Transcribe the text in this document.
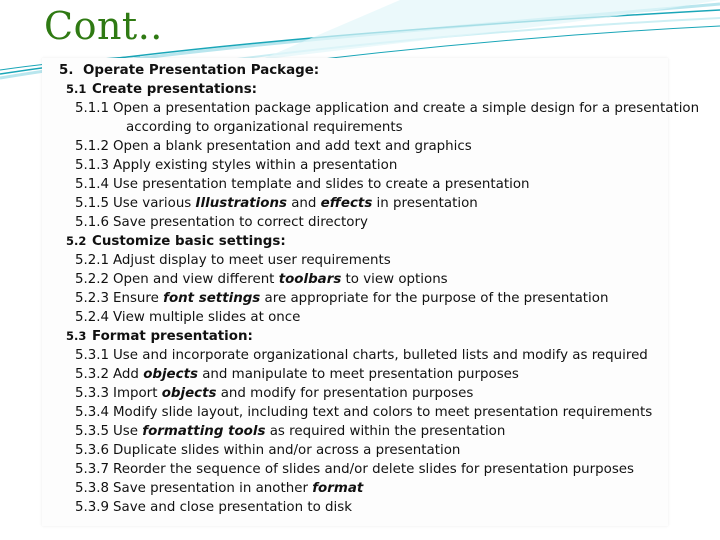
Cont..
5. Operate Presentation Package:
5.1 Create presentations:
5.1.1 Open a presentation package application and create a simple design for a presentation
according to organizational requirements
5.1.2 Open a blank presentation and add text and graphics
5.1.3 Apply existing styles within a presentation
5.1.4 Use presentation template and slides to create a presentation
5.1.5 Use various Illustrations and effects in presentation
5.1.6 Save presentation to correct directory
5.2 Customize basic settings:
5.2.1 Adjust display to meet user requirements
5.2.2 Open and view different toolbars to view options
5.2.3 Ensure font settings are appropriate for the purpose of the presentation
5.2.4 View multiple slides at once
5.3 Format presentation:
5.3.1 Use and incorporate organizational charts, bulleted lists and modify as required
5.3.2 Add objects and manipulate to meet presentation purposes
5.3.3 Import objects and modify for presentation purposes
5.3.4 Modify slide layout, including text and colors to meet presentation requirements
5.3.5 Use formatting tools as required within the presentation
5.3.6 Duplicate slides within and/or across a presentation
5.3.7 Reorder the sequence of slides and/or delete slides for presentation purposes
5.3.8 Save presentation in another format
5.3.9 Save and close presentation to disk
